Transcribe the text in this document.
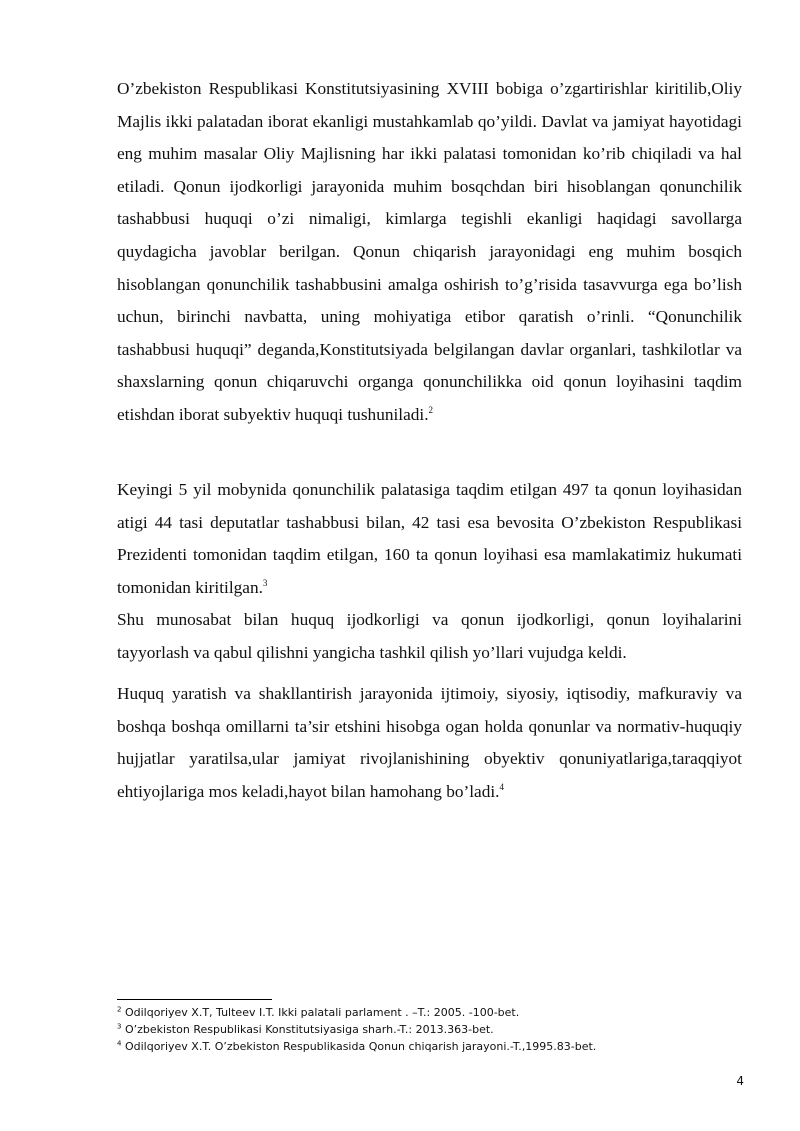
O’zbekiston Respublikasi Konstitutsiyasining XVIII bobiga o’zgartirishlar kiritilib,Oliy Majlis ikki palatadan iborat ekanligi mustahkamlab qo’yildi. Davlat va jamiyat hayotidagi eng muhim masalar Oliy Majlisning har ikki palatasi tomonidan ko’rib chiqiladi va hal etiladi. Qonun ijodkorligi jarayonida muhim bosqchdan biri hisoblangan qonunchilik tashabbusi huquqi o’zi nimaligi, kimlarga tegishli ekanligi haqidagi savollarga quydagicha javoblar berilgan. Qonun chiqarish jarayonidagi eng muhim bosqich hisoblangan qonunchilik tashabbusini amalga oshirish to’g’risida tasavvurga ega bo’lish uchun, birinchi navbatta, uning mohiyatiga etibor qaratish o’rinli. “Qonunchilik tashabbusi huquqi” deganda,Konstitutsiyada belgilangan davlar organlari, tashkilotlar va shaxslarning qonun chiqaruvchi organga qonunchilikka oid qonun loyihasini taqdim etishdan iborat subyektiv huquqi tushuniladi.$^2$

Keyingi 5 yil mobynida qonunchilik palatasiga taqdim etilgan 497 ta qonun loyihasidan atigi 44 tasi deputatlar tashabbusi bilan, 42 tasi esa bevosita O’zbekiston Respublikasi Prezidenti tomonidan taqdim etilgan, 160 ta qonun loyihasi esa mamlakatimiz hukumati tomonidan kiritilgan.$^3$

Shu munosabat bilan huquq ijodkorligi va qonun ijodkorligi, qonun loyihalarini tayyorlash va qabul qilishni yangicha tashkil qilish yo’llari vujudga keldi.

Huquq yaratish va shakllantirish jarayonida ijtimoiy, siyosiy, iqtisodiy, mafkuraviy va boshqa boshqa omillarni ta’sir etshini hisobga ogan holda qonunlar va normativ-huquqiy hujjatlar yaratilsa,ular jamiyat rivojlanishining obyektiv qonuniyatlariga,taraqqiyot ehtiyojlariga mos keladi,hayot bilan hamohang bo’ladi.$^4$

$^2$ Odilqoriyev X.T, Tulteev I.T. Ikki palatali parlament . –T.: 2005. -100-bet.
$^3$ O’zbekiston Respublikasi Konstitutsiyasiga sharh.-T.: 2013.363-bet.
$^4$ Odilqoriyev X.T. O’zbekiston Respublikasida Qonun chiqarish jarayoni.-T.,1995.83-bet.
4
